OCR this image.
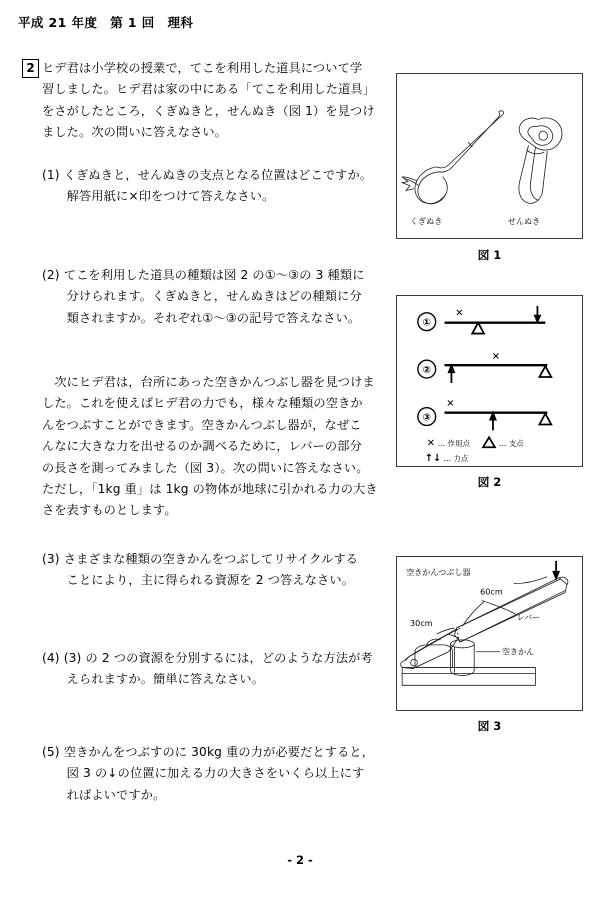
平成 21 年度　第 1 回　理科
2 ヒデ君は小学校の授業で，てこを利用した道具について学
習しました。ヒデ君は家の中にある「てこを利用した道具」
をさがしたところ，くぎぬきと，せんぬき（図 1）を見つけ
ました。次の問いに答えなさい。
(1) くぎぬきと，せんぬきの支点となる位置はどこですか。
　　解答用紙に×印をつけて答えなさい。
(2) てこを利用した道具の種類は図 2 の①～③の 3 種類に
　　分けられます。くぎぬきと，せんぬきはどの種類に分
　　類されますか。それぞれ①～③の記号で答えなさい。
　次にヒデ君は，台所にあった空きかんつぶし器を見つけま
した。これを使えばヒデ君の力でも，様々な種類の空きか
んをつぶすことができます。空きかんつぶし器が，なぜこ
んなに大きな力を出せるのか調べるために，レバーの部分
の長さを測ってみました（図 3）。次の問いに答えなさい。
ただし，「1kg 重」は 1kg の物体が地球に引かれる力の大き
さを表すものとします。
(3) さまざまな種類の空きかんをつぶしてリサイクルする
　　ことにより，主に得られる資源を 2 つ答えなさい。
(4) (3) の 2 つの資源を分別するには，どのような方法が考
　　えられますか。簡単に答えなさい。
(5) 空きかんをつぶすのに 30kg 重の力が必要だとすると，
　　図 3 の↓の位置に加える力の大きさをいくら以上にす
　　ればよいですか。
くぎぬき	せんぬき
図 1
①
✕
②
✕
③
✕
✕ … 作用点	… 支点
↑↓ … 力点
図 2
空きかんつぶし器
60cm
30cm
レバー
空きかん
図 3
- 2 -
